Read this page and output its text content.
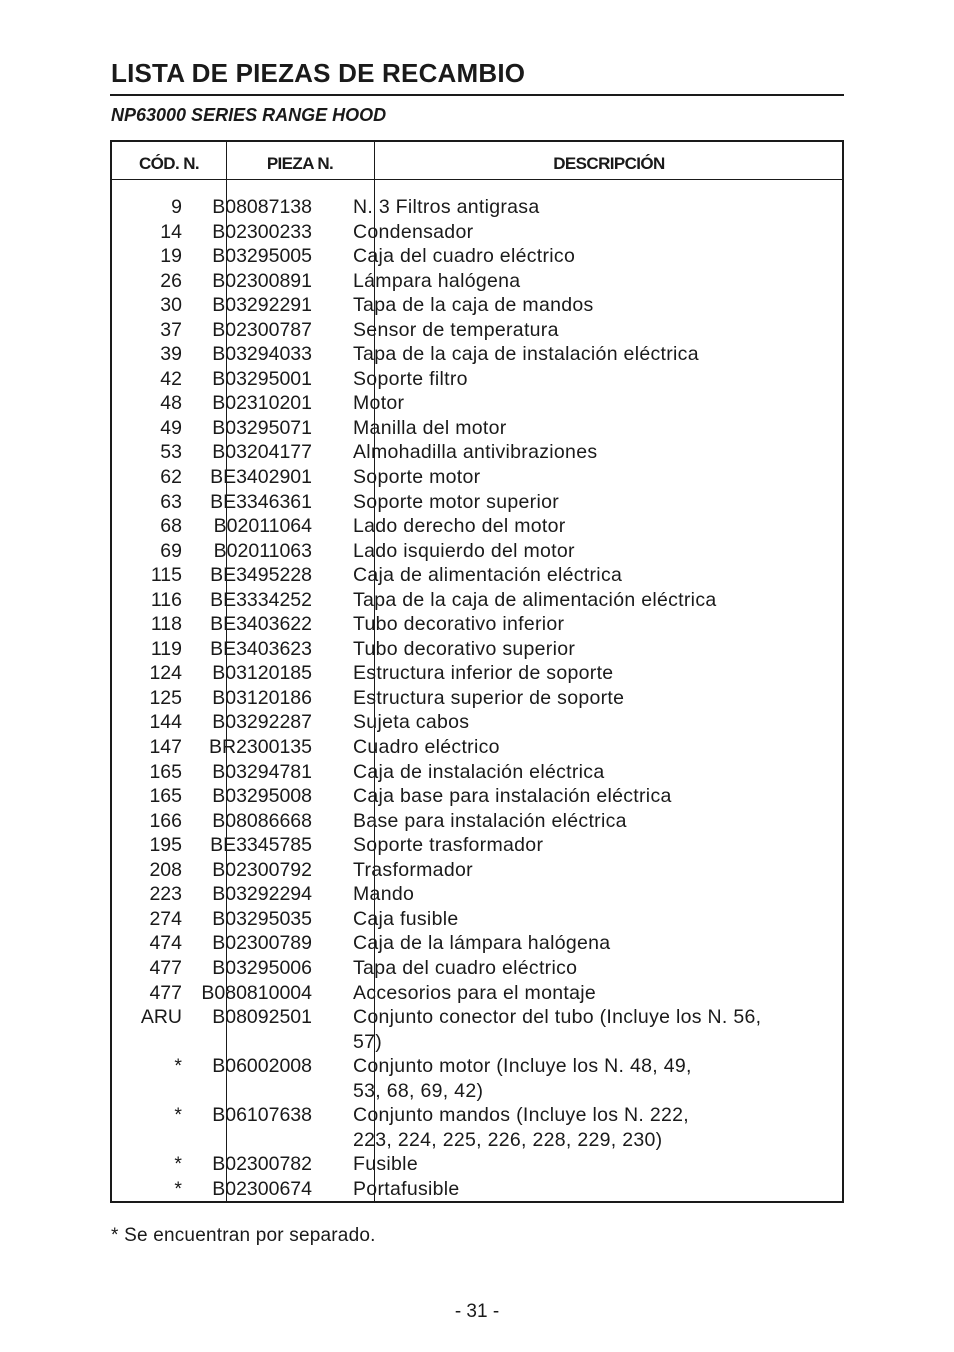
LISTA DE PIEZAS DE RECAMBIO
NP63000 SERIES RANGE HOOD
CÓD. N.	PIEZA N.	DESCRIPCIÓN
9	B08087138	N. 3 Filtros antigrasa
14	B02300233	Condensador
19	B03295005	Caja del cuadro eléctrico
26	B02300891	Lámpara halógena
30	B03292291	Tapa de la caja de mandos
37	B02300787	Sensor de temperatura
39	B03294033	Tapa de la caja de instalación eléctrica
42	B03295001	Soporte filtro
48	B02310201	Motor
49	B03295071	Manilla del motor
53	B03204177	Almohadilla antivibraziones
62	BE3402901	Soporte motor
63	BE3346361	Soporte motor superior
68	B02011064	Lado derecho del motor
69	B02011063	Lado isquierdo del motor
115	BE3495228	Caja de alimentación eléctrica
116	BE3334252	Tapa de la caja de alimentación eléctrica
118	BE3403622	Tubo decorativo inferior
119	BE3403623	Tubo decorativo superior
124	B03120185	Estructura inferior de soporte
125	B03120186	Estructura superior de soporte
144	B03292287	Sujeta cabos
147	BR2300135	Cuadro eléctrico
165	B03294781	Caja de instalación eléctrica
165	B03295008	Caja base para instalación eléctrica
166	B08086668	Base para instalación eléctrica
195	BE3345785	Soporte trasformador
208	B02300792	Trasformador
223	B03292294	Mando
274	B03295035	Caja fusible
474	B02300789	Caja de la lámpara halógena
477	B03295006	Tapa del cuadro eléctrico
477 B080810004	Accesorios para el montaje
ARU	B08092501	Conjunto conector del tubo (Incluye los N. 56,
57)
*	B06002008	Conjunto motor (Incluye los N. 48, 49,
53, 68, 69, 42)
*	B06107638	Conjunto mandos (Incluye los N. 222,
223, 224, 225, 226, 228, 229, 230)
*	B02300782	Fusible
*	B02300674	Portafusible

* Se encuentran por separado.

- 31 -
